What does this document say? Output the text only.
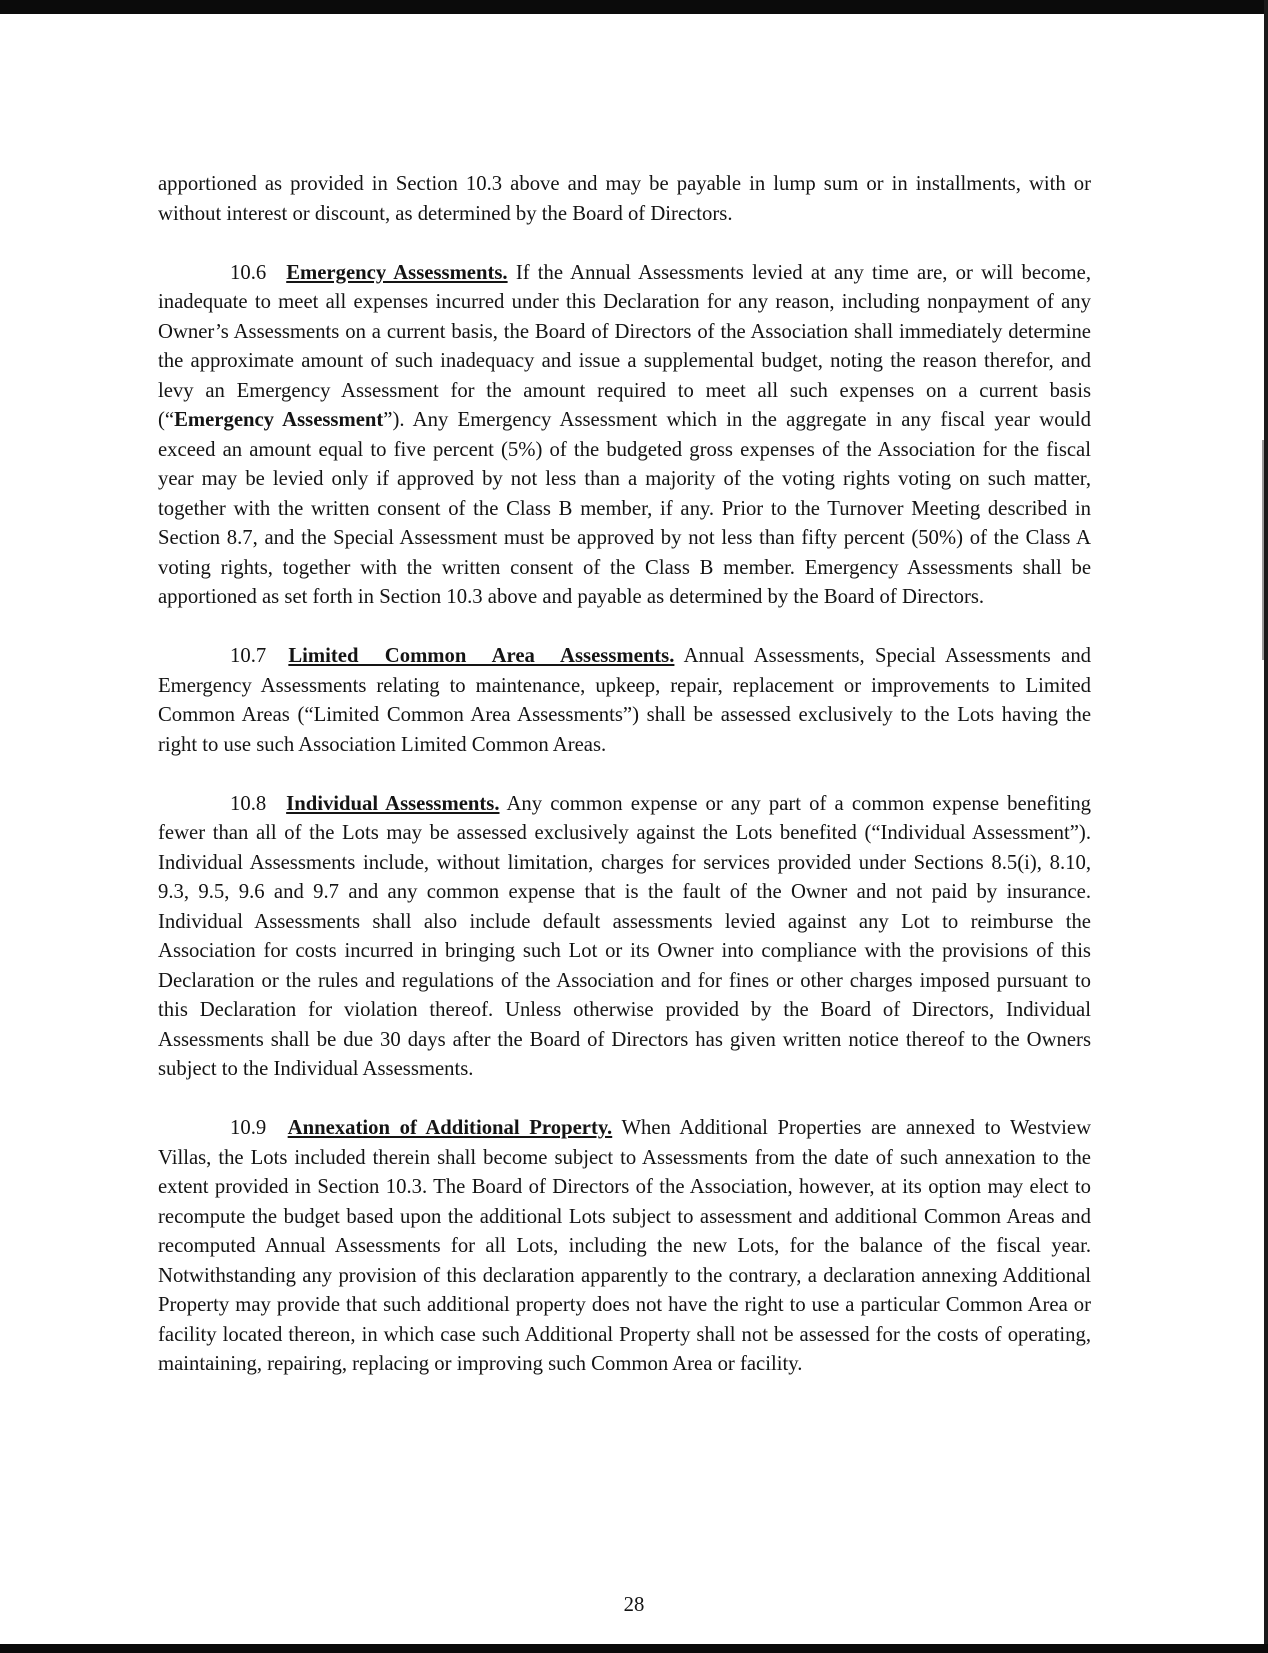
apportioned as provided in Section 10.3 above and may be payable in lump sum or in installments, with or without interest or discount, as determined by the Board of Directors.

10.6 Emergency Assessments. If the Annual Assessments levied at any time are, or will become, inadequate to meet all expenses incurred under this Declaration for any reason, including nonpayment of any Owner’s Assessments on a current basis, the Board of Directors of the Association shall immediately determine the approximate amount of such inadequacy and issue a supplemental budget, noting the reason therefor, and levy an Emergency Assessment for the amount required to meet all such expenses on a current basis (“Emergency Assessment”). Any Emergency Assessment which in the aggregate in any fiscal year would exceed an amount equal to five percent (5%) of the budgeted gross expenses of the Association for the fiscal year may be levied only if approved by not less than a majority of the voting rights voting on such matter, together with the written consent of the Class B member, if any. Prior to the Turnover Meeting described in Section 8.7, and the Special Assessment must be approved by not less than fifty percent (50%) of the Class A voting rights, together with the written consent of the Class B member. Emergency Assessments shall be apportioned as set forth in Section 10.3 above and payable as determined by the Board of Directors.

10.7 Limited Common Area Assessments. Annual Assessments, Special Assessments and Emergency Assessments relating to maintenance, upkeep, repair, replacement or improvements to Limited Common Areas (“Limited Common Area Assessments”) shall be assessed exclusively to the Lots having the right to use such Association Limited Common Areas.

10.8 Individual Assessments. Any common expense or any part of a common expense benefiting fewer than all of the Lots may be assessed exclusively against the Lots benefited (“Individual Assessment”). Individual Assessments include, without limitation, charges for services provided under Sections 8.5(i), 8.10, 9.3, 9.5, 9.6 and 9.7 and any common expense that is the fault of the Owner and not paid by insurance. Individual Assessments shall also include default assessments levied against any Lot to reimburse the Association for costs incurred in bringing such Lot or its Owner into compliance with the provisions of this Declaration or the rules and regulations of the Association and for fines or other charges imposed pursuant to this Declaration for violation thereof. Unless otherwise provided by the Board of Directors, Individual Assessments shall be due 30 days after the Board of Directors has given written notice thereof to the Owners subject to the Individual Assessments.

10.9 Annexation of Additional Property. When Additional Properties are annexed to Westview Villas, the Lots included therein shall become subject to Assessments from the date of such annexation to the extent provided in Section 10.3. The Board of Directors of the Association, however, at its option may elect to recompute the budget based upon the additional Lots subject to assessment and additional Common Areas and recomputed Annual Assessments for all Lots, including the new Lots, for the balance of the fiscal year. Notwithstanding any provision of this declaration apparently to the contrary, a declaration annexing Additional Property may provide that such additional property does not have the right to use a particular Common Area or facility located thereon, in which case such Additional Property shall not be assessed for the costs of operating, maintaining, repairing, replacing or improving such Common Area or facility.

28
